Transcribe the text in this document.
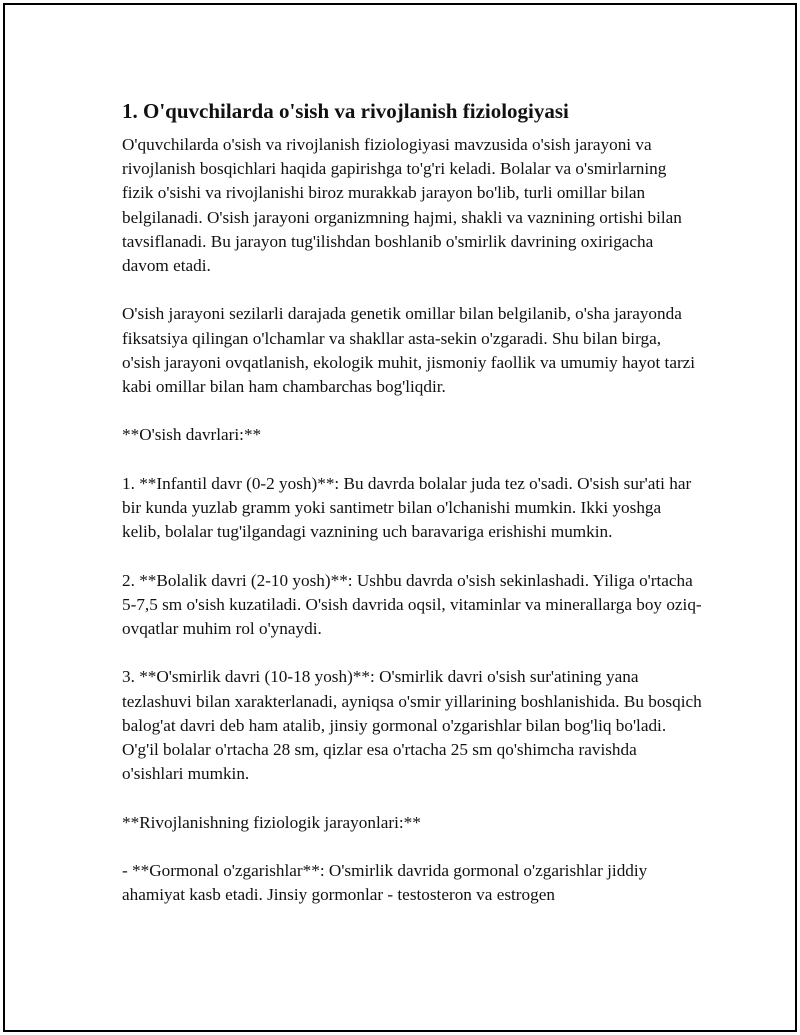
1. O'quvchilarda o'sish va rivojlanish fiziologiyasi

O'quvchilarda o'sish va rivojlanish fiziologiyasi mavzusida o'sish jarayoni va rivojlanish bosqichlari haqida gapirishga to'g'ri keladi. Bolalar va o'smirlarning fizik o'sishi va rivojlanishi biroz murakkab jarayon bo'lib, turli omillar bilan belgilanadi. O'sish jarayoni organizmning hajmi, shakli va vaznining ortishi bilan tavsiflanadi. Bu jarayon tug'ilishdan boshlanib o'smirlik davrining oxirigacha davom etadi.

O'sish jarayoni sezilarli darajada genetik omillar bilan belgilanib, o'sha jarayonda fiksatsiya qilingan o'lchamlar va shakllar asta-sekin o'zgaradi. Shu bilan birga, o'sish jarayoni ovqatlanish, ekologik muhit, jismoniy faollik va umumiy hayot tarzi kabi omillar bilan ham chambarchas bog'liqdir.

**O'sish davrlari:**

1. **Infantil davr (0-2 yosh)**: Bu davrda bolalar juda tez o'sadi. O'sish sur'ati har bir kunda yuzlab gramm yoki santimetr bilan o'lchanishi mumkin. Ikki yoshga kelib, bolalar tug'ilgandagi vaznining uch baravariga erishishi mumkin.

2. **Bolalik davri (2-10 yosh)**: Ushbu davrda o'sish sekinlashadi. Yiliga o'rtacha 5-7,5 sm o'sish kuzatiladi. O'sish davrida oqsil, vitaminlar va minerallarga boy oziq-ovqatlar muhim rol o'ynaydi.

3. **O'smirlik davri (10-18 yosh)**: O'smirlik davri o'sish sur'atining yana tezlashuvi bilan xarakterlanadi, ayniqsa o'smir yillarining boshlanishida. Bu bosqich balog'at davri deb ham atalib, jinsiy gormonal o'zgarishlar bilan bog'liq bo'ladi. O'g'il bolalar o'rtacha 28 sm, qizlar esa o'rtacha 25 sm qo'shimcha ravishda o'sishlari mumkin.

**Rivojlanishning fiziologik jarayonlari:**

- **Gormonal o'zgarishlar**: O'smirlik davrida gormonal o'zgarishlar jiddiy ahamiyat kasb etadi. Jinsiy gormonlar - testosteron va estrogen
